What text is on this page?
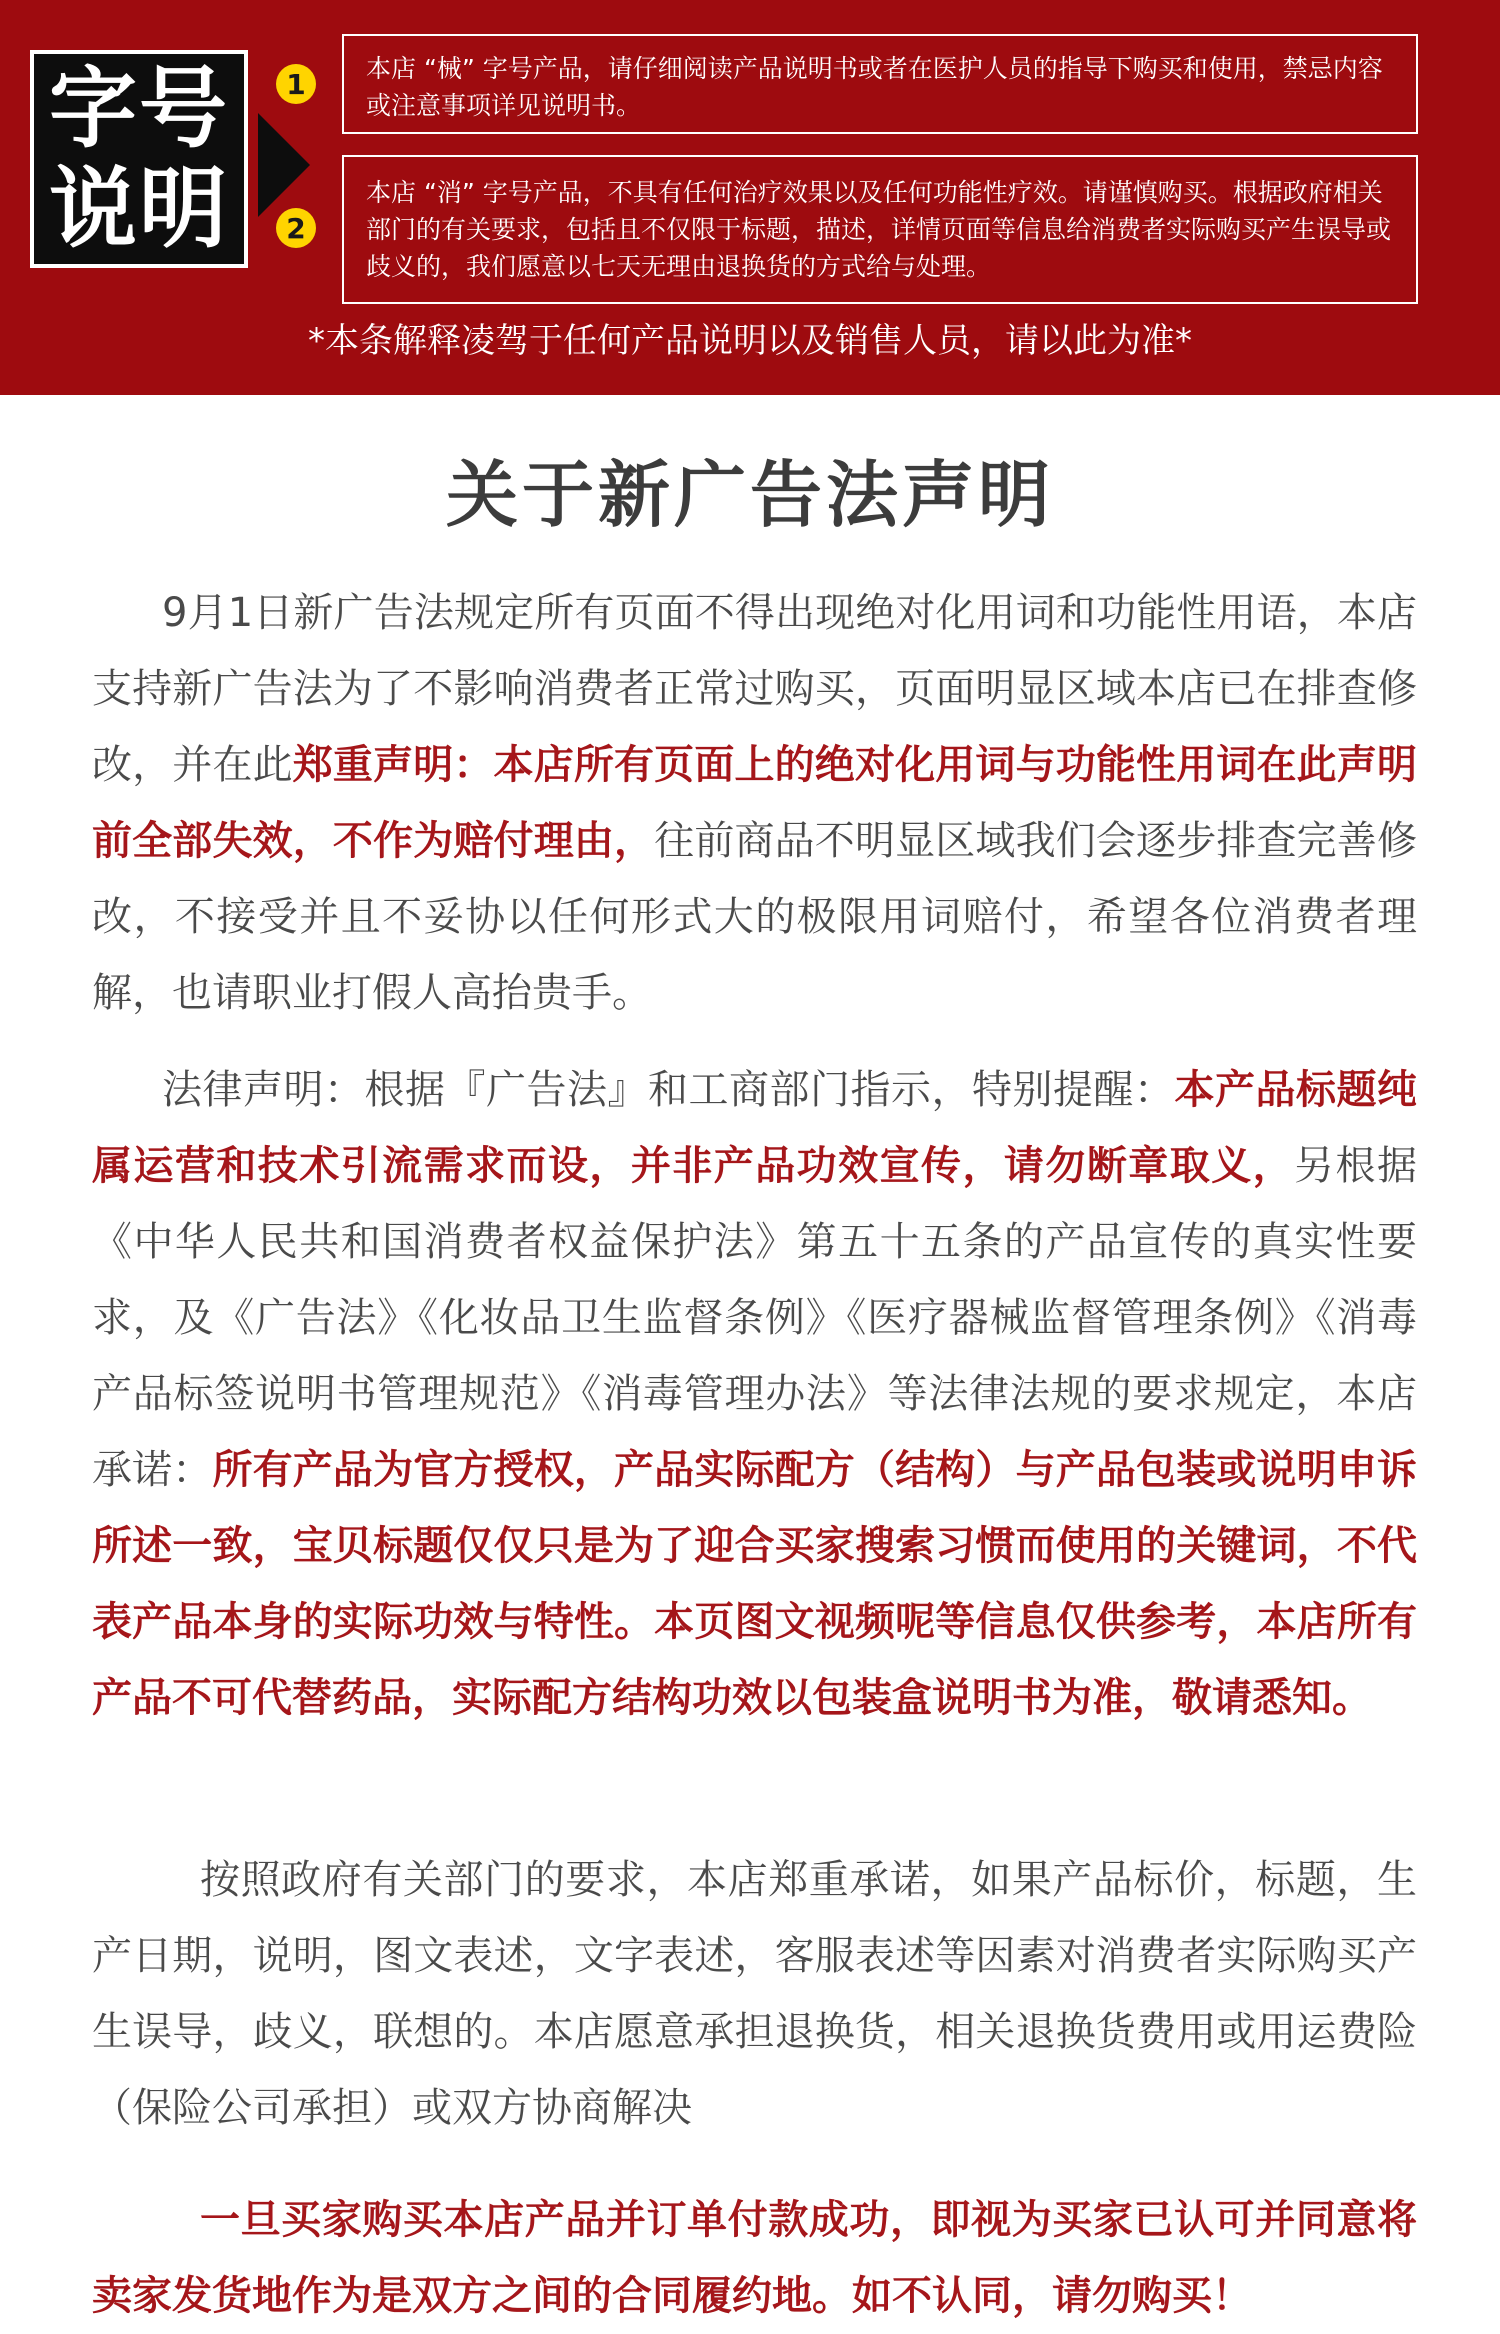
字号
说明
1
2
本店 “械” 字号产品，请仔细阅读产品说明书或者在医护人员的指导下购买和使用，禁忌内容或注意事项详见说明书。
本店 “消” 字号产品，不具有任何治疗效果以及任何功能性疗效。请谨慎购买。根据政府相关部门的有关要求，包括且不仅限于标题，描述，详情页面等信息给消费者实际购买产生误导或歧义的，我们愿意以七天无理由退换货的方式给与处理。
*本条解释凌驾于任何产品说明以及销售人员，请以此为准*
关于新广告法声明
9月1日新广告法规定所有页面不得出现绝对化用词和功能性用语，本店支持新广告法为了不影响消费者正常过购买，页面明显区域本店已在排查修改，并在此郑重声明：本店所有页面上的绝对化用词与功能性用词在此声明前全部失效，不作为赔付理由，往前商品不明显区域我们会逐步排查完善修改，不接受并且不妥协以任何形式大的极限用词赔付，希望各位消费者理解，也请职业打假人高抬贵手。
法律声明：根据『广告法』和工商部门指示，特别提醒：本产品标题纯属运营和技术引流需求而设，并非产品功效宣传，请勿断章取义，另根据《中华人民共和国消费者权益保护法》第五十五条的产品宣传的真实性要求，及《广告法》《化妆品卫生监督条例》《医疗器械监督管理条例》《消毒产品标签说明书管理规范》《消毒管理办法》等法律法规的要求规定，本店承诺：所有产品为官方授权，产品实际配方（结构）与产品包装或说明申诉所述一致，宝贝标题仅仅只是为了迎合买家搜索习惯而使用的关键词，不代表产品本身的实际功效与特性。本页图文视频呢等信息仅供参考，本店所有产品不可代替药品，实际配方结构功效以包装盒说明书为准，敬请悉知。
按照政府有关部门的要求，本店郑重承诺，如果产品标价，标题，生产日期，说明，图文表述，文字表述，客服表述等因素对消费者实际购买产生误导，歧义，联想的。本店愿意承担退换货，相关退换货费用或用运费险（保险公司承担）或双方协商解决
一旦买家购买本店产品并订单付款成功，即视为买家已认可并同意将卖家发货地作为是双方之间的合同履约地。如不认同，请勿购买！
